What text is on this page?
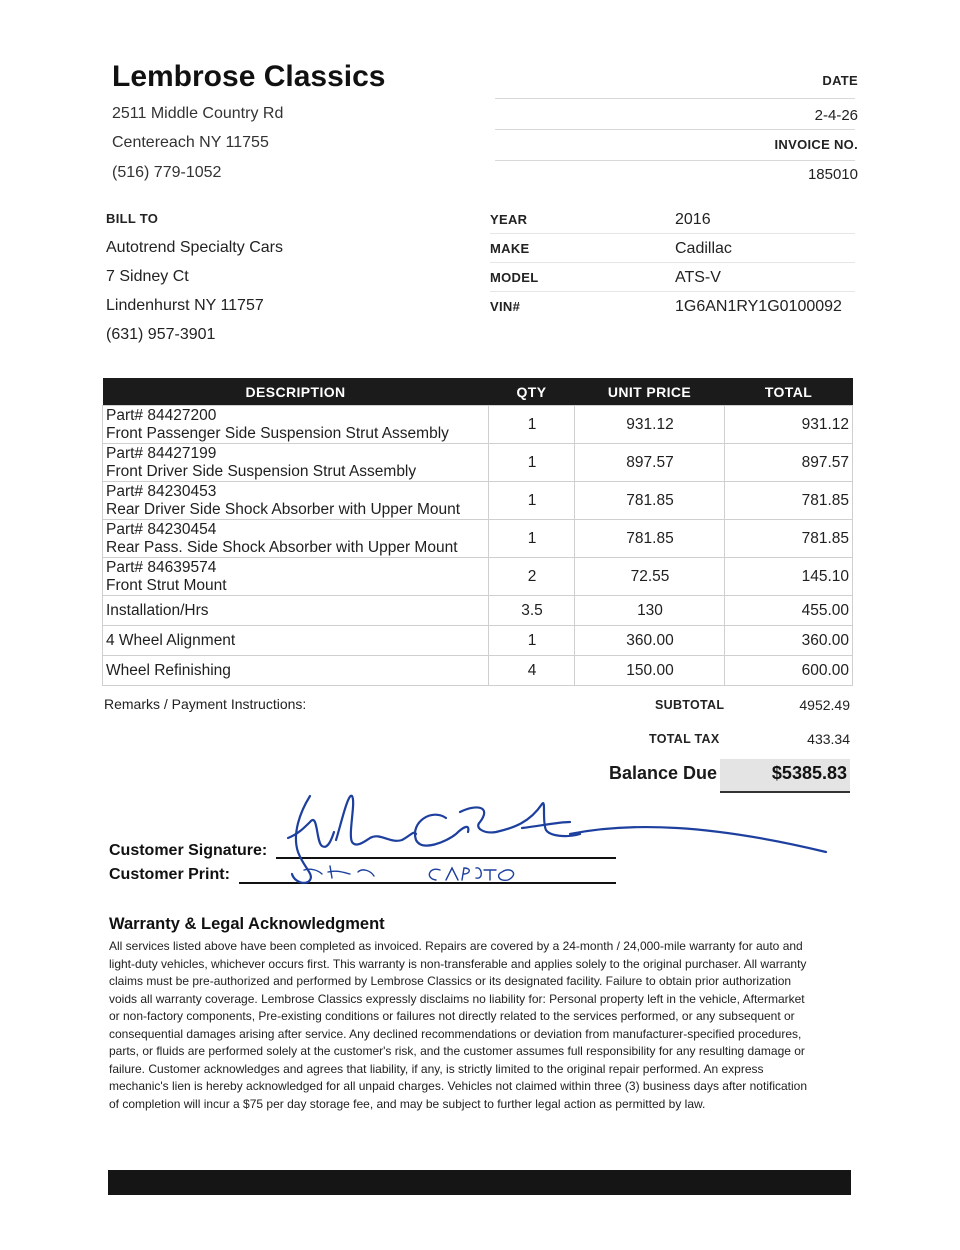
Lembrose Classics
2511 Middle Country Rd
Centereach NY 11755
(516) 779-1052
DATE
2-4-26
INVOICE NO.
185010
BILL TO
Autotrend Specialty Cars
7 Sidney Ct
Lindenhurst NY 11757
(631) 957-3901
YEAR	2016
MAKE	Cadillac
MODEL	ATS-V
VIN#	1G6AN1RY1G0100092
DESCRIPTION	QTY	UNIT PRICE	TOTAL

Part# 84427200
Front Passenger Side Suspension Strut Assembly	1	931.12	931.12

Part# 84427199
Front Driver Side Suspension Strut Assembly	1	897.57	897.57

Part# 84230453
Rear Driver Side Shock Absorber with Upper Mount	1	781.85	781.85

Part# 84230454
Rear Pass. Side Shock Absorber with Upper Mount	1	781.85	781.85

Part# 84639574
Front Strut Mount	2	72.55	145.10
Installation/Hrs	3.5	130	455.00
4 Wheel Alignment	1	360.00	360.00
Wheel Refinishing	4	150.00	600.00
Remarks / Payment Instructions:	SUBTOTAL	4952.49
TOTAL TAX	433.34
Balance Due	$5385.83
Customer Signature:
Customer Print:
Warranty & Legal Acknowledgment
All services listed above have been completed as invoiced. Repairs are covered by a 24-month / 24,000-mile warranty for auto and light-duty vehicles, whichever occurs first. This warranty is non-transferable and applies solely to the original purchaser. All warranty claims must be pre-authorized and performed by Lembrose Classics or its designated facility. Failure to obtain prior authorization voids all warranty coverage. Lembrose Classics expressly disclaims no liability for: Personal property left in the vehicle, Aftermarket or non-factory components, Pre-existing conditions or failures not directly related to the services performed, or any subsequent or consequential damages arising after service. Any declined recommendations or deviation from manufacturer-specified procedures, parts, or fluids are performed solely at the customer's risk, and the customer assumes full responsibility for any resulting damage or failure. Customer acknowledges and agrees that liability, if any, is strictly limited to the original repair performed. An express mechanic's lien is hereby acknowledged for all unpaid charges. Vehicles not claimed within three (3) business days after notification of completion will incur a $75 per day storage fee, and may be subject to further legal action as permitted by law.
